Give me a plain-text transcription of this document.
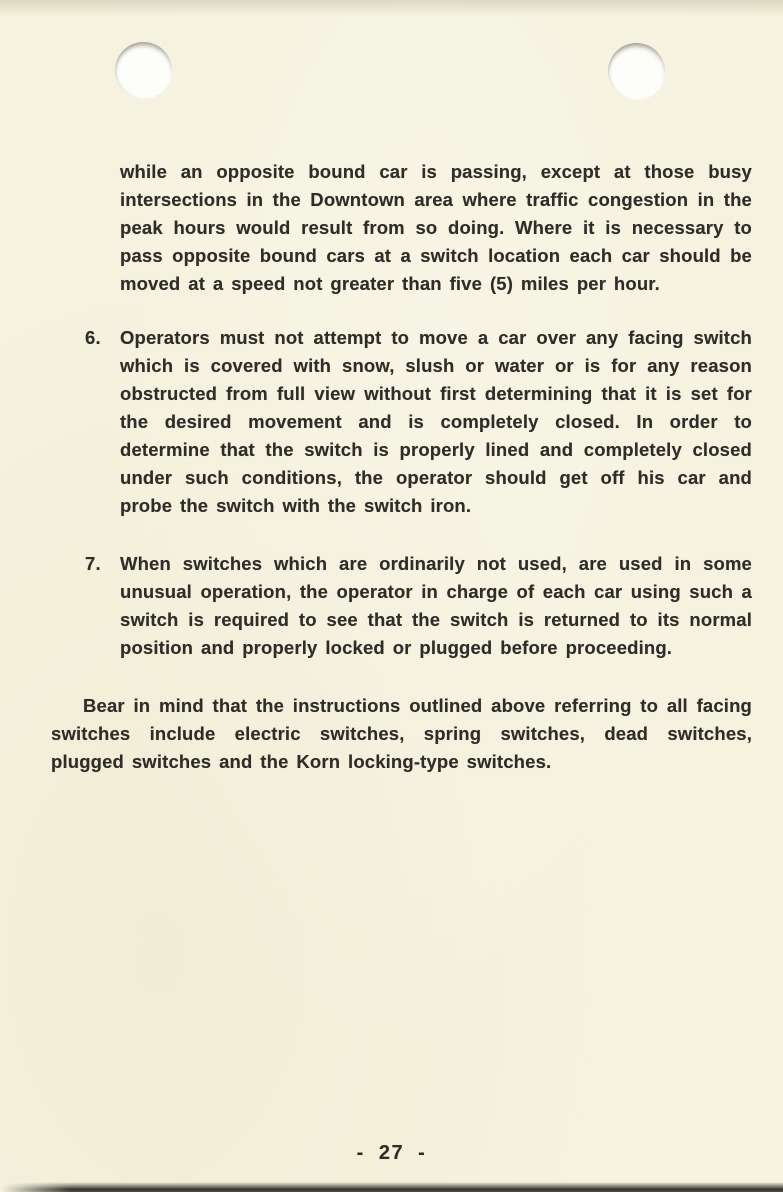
while an opposite bound car is passing, except at those busy intersections in the Downtown area where traffic congestion in the peak hours would result from so doing. Where it is necessary to pass opposite bound cars at a switch location each car should be moved at a speed not greater than five (5) miles per hour.

6.	Operators must not attempt to move a car over any facing switch which is covered with snow, slush or water or is for any reason obstructed from full view without first determining that it is set for the desired movement and is completely closed. In order to determine that the switch is properly lined and completely closed under such conditions, the operator should get off his car and probe the switch with the switch iron.
7.	When switches which are ordinarily not used, are used in some unusual operation, the operator in charge of each car using such a switch is required to see that the switch is returned to its normal position and properly locked or plugged before proceeding.

Bear in mind that the instructions outlined above referring to all facing switches include electric switches, spring switches, dead switches, plugged switches and the Korn locking-type switches.

- 27 -
